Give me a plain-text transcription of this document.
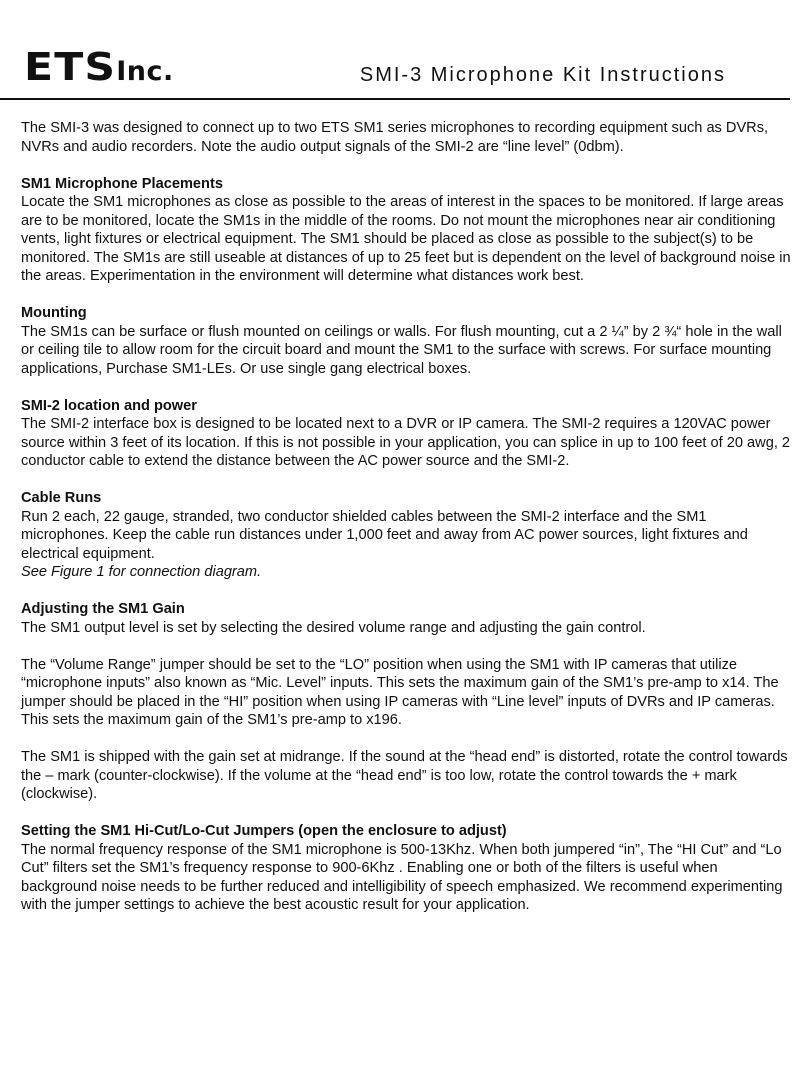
ETS Inc.	SMI-3 Microphone Kit Instructions

The SMI-3 was designed to connect up to two ETS SM1 series microphones to recording equipment such as DVRs, NVRs and audio recorders. Note the audio output signals of the SMI-2 are “line level” (0dbm).

SM1 Microphone Placements

Locate the SM1 microphones as close as possible to the areas of interest in the spaces to be monitored. If large areas are to be monitored, locate the SM1s in the middle of the rooms. Do not mount the microphones near air conditioning vents, light fixtures or electrical equipment. The SM1 should be placed as close as possible to the subject(s) to be monitored. The SM1s are still useable at distances of up to 25 feet but is dependent on the level of background noise in the areas. Experimentation in the environment will determine what distances work best.

Mounting

The SM1s can be surface or flush mounted on ceilings or walls. For flush mounting, cut a 2 ¼” by 2 ¾“ hole in the wall or ceiling tile to allow room for the circuit board and mount the SM1 to the surface with screws. For surface mounting applications, Purchase SM1-LEs. Or use single gang electrical boxes.

SMI-2 location and power

The SMI-2 interface box is designed to be located next to a DVR or IP camera. The SMI-2 requires a 120VAC power source within 3 feet of its location. If this is not possible in your application, you can splice in up to 100 feet of 20 awg, 2 conductor cable to extend the distance between the AC power source and the SMI-2.

Cable Runs

Run 2 each, 22 gauge, stranded, two conductor shielded cables between the SMI-2 interface and the SM1 microphones. Keep the cable run distances under 1,000 feet and away from AC power sources, light fixtures and electrical equipment.

See Figure 1 for connection diagram.

Adjusting the SM1 Gain

The SM1 output level is set by selecting the desired volume range and adjusting the gain control.

The “Volume Range” jumper should be set to the “LO” position when using the SM1 with IP cameras that utilize “microphone inputs” also known as “Mic. Level” inputs. This sets the maximum gain of the SM1’s pre-amp to x14. The jumper should be placed in the “HI” position when using IP cameras with “Line level” inputs of DVRs and IP cameras. This sets the maximum gain of the SM1’s pre-amp to x196.

The SM1 is shipped with the gain set at midrange. If the sound at the “head end” is distorted, rotate the control towards the – mark (counter-clockwise). If the volume at the “head end” is too low, rotate the control towards the + mark (clockwise).

Setting the SM1 Hi-Cut/Lo-Cut Jumpers (open the enclosure to adjust)

The normal frequency response of the SM1 microphone is 500-13Khz. When both jumpered “in”, The “HI Cut” and “Lo Cut” filters set the SM1’s frequency response to 900-6Khz . Enabling one or both of the filters is useful when background noise needs to be further reduced and intelligibility of speech emphasized. We recommend experimenting with the jumper settings to achieve the best acoustic result for your application.
